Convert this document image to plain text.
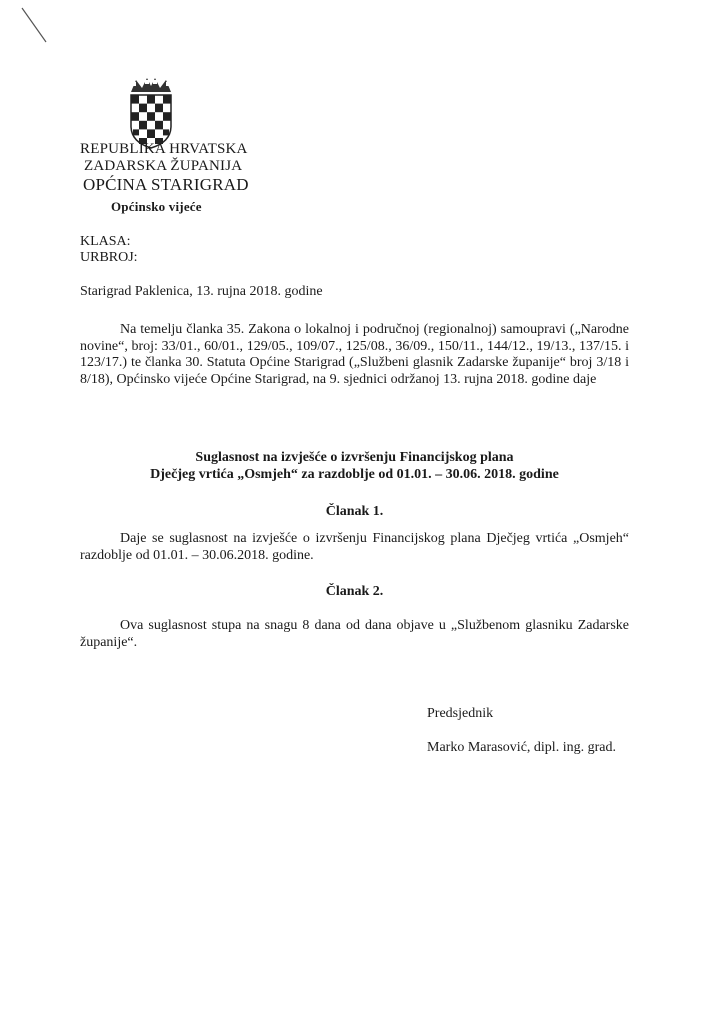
REPUBLIKA HRVATSKA
ZADARSKA ŽUPANIJA
OPĆINA STARIGRAD
Općinsko vijeće
KLASA:
URBROJ:
Starigrad Paklenica, 13. rujna 2018. godine
Na temelju članka 35. Zakona o lokalnoj i područnoj (regionalnoj) samoupravi („Narodne novine“, broj: 33/01., 60/01., 129/05., 109/07., 125/08., 36/09., 150/11., 144/12., 19/13., 137/15. i 123/17.) te članka 30. Statuta Općine Starigrad („Službeni glasnik Zadarske županije“ broj 3/18 i 8/18), Općinsko vijeće Općine Starigrad, na 9. sjednici održanoj 13. rujna 2018. godine daje
Suglasnost na izvješće o izvršenju Financijskog plana
Dječjeg vrtića „Osmjeh“ za razdoblje od 01.01. – 30.06. 2018. godine
Članak 1.
Daje se suglasnost na izvješće o izvršenju Financijskog plana Dječjeg vrtića „Osmjeh“ razdoblje od 01.01. – 30.06.2018. godine.
Članak 2.
Ova suglasnost stupa na snagu 8 dana od dana objave u „Službenom glasniku Zadarske županije“.
Predsjednik
Marko Marasović, dipl. ing. grad.
